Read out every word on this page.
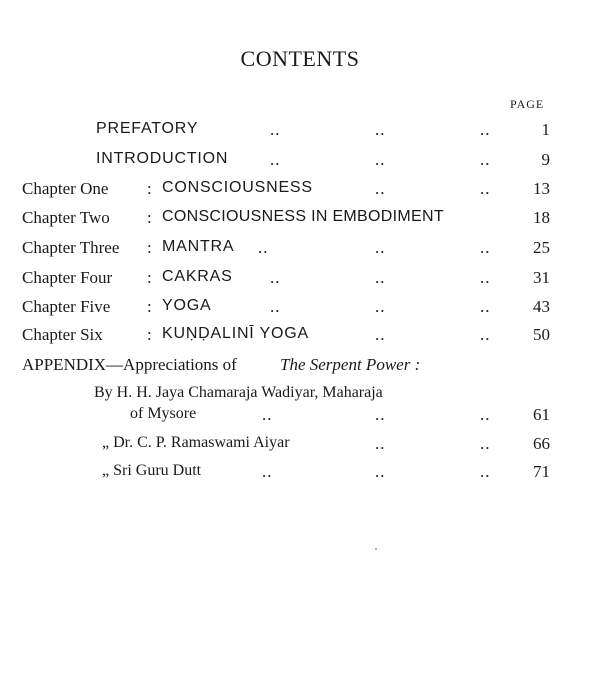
CONTENTS
PAGE
PREFATORY	..	..	..	1
INTRODUCTION ..	..	..	9
Chapter One : CONSCIOUSNESS	..	..	13
Chapter Two : CONSCIOUSNESS IN EMBODIMENT	18
Chapter Three : MANTRA ..	..	..	25
Chapter Four : CAKRAS ..	..	..	31
Chapter Five : YOGA	..	..	..	43
Chapter Six	: KUṆḌALINĪ YOGA	..	..	50
APPENDIX—Appreciations of	The Serpent Power :
By H. H. Jaya Chamaraja Wadiyar, Maharaja
of Mysore	..	..	..	61
„ Dr. C. P. Ramaswami Aiyar	..	..	66
„ Sri Guru Dutt	..	..	..	71
